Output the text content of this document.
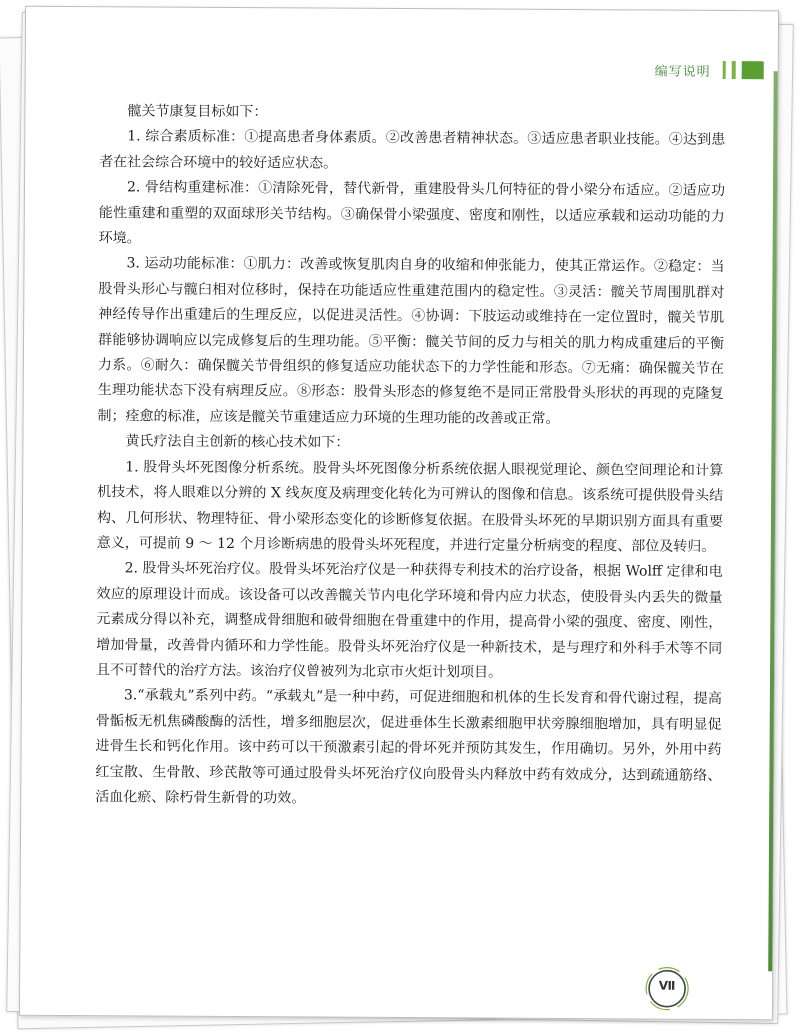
编写说明

髋关节康复目标如下：

1. 综合素质标准：①提高患者身体素质。②改善患者精神状态。③适应患者职业技能。④达到患者在社会综合环境中的较好适应状态。

2. 骨结构重建标准：①清除死骨，替代新骨，重建股骨头几何特征的骨小梁分布适应。②适应功能性重建和重塑的双面球形关节结构。③确保骨小梁强度、密度和刚性，以适应承载和运动功能的力环境。

3. 运动功能标准：①肌力：改善或恢复肌肉自身的收缩和伸张能力，使其正常运作。②稳定：当股骨头形心与髋臼相对位移时，保持在功能适应性重建范围内的稳定性。③灵活：髋关节周围肌群对神经传导作出重建后的生理反应，以促进灵活性。④协调：下肢运动或维持在一定位置时，髋关节肌群能够协调响应以完成修复后的生理功能。⑤平衡：髋关节间的反力与相关的肌力构成重建后的平衡力系。⑥耐久：确保髋关节骨组织的修复适应功能状态下的力学性能和形态。⑦无痛：确保髋关节在生理功能状态下没有病理反应。⑧形态：股骨头形态的修复绝不是同正常股骨头形状的再现的克隆复制；痊愈的标准，应该是髋关节重建适应力环境的生理功能的改善或正常。

黄氏疗法自主创新的核心技术如下：

1. 股骨头坏死图像分析系统。股骨头坏死图像分析系统依据人眼视觉理论、颜色空间理论和计算机技术，将人眼难以分辨的 X 线灰度及病理变化转化为可辨认的图像和信息。该系统可提供股骨头结构、几何形状、物理特征、骨小梁形态变化的诊断修复依据。在股骨头坏死的早期识别方面具有重要意义，可提前 9 ～ 12 个月诊断病患的股骨头坏死程度，并进行定量分析病变的程度、部位及转归。

2. 股骨头坏死治疗仪。股骨头坏死治疗仪是一种获得专利技术的治疗设备，根据 Wolff 定律和电效应的原理设计而成。该设备可以改善髋关节内电化学环境和骨内应力状态，使股骨头内丢失的微量元素成分得以补充，调整成骨细胞和破骨细胞在骨重建中的作用，提高骨小梁的强度、密度、刚性，增加骨量，改善骨内循环和力学性能。股骨头坏死治疗仪是一种新技术，是与理疗和外科手术等不同且不可替代的治疗方法。该治疗仪曾被列为北京市火炬计划项目。

3.“承载丸”系列中药。“承载丸”是一种中药，可促进细胞和机体的生长发育和骨代谢过程，提高骨骺板无机焦磷酸酶的活性，增多细胞层次，促进垂体生长激素细胞甲状旁腺细胞增加，具有明显促进骨生长和钙化作用。该中药可以干预激素引起的骨坏死并预防其发生，作用确切。另外，外用中药红宝散、生骨散、珍芪散等可通过股骨头坏死治疗仪向股骨头内释放中药有效成分，达到疏通筋络、活血化瘀、除朽骨生新骨的功效。

Ⅶ
